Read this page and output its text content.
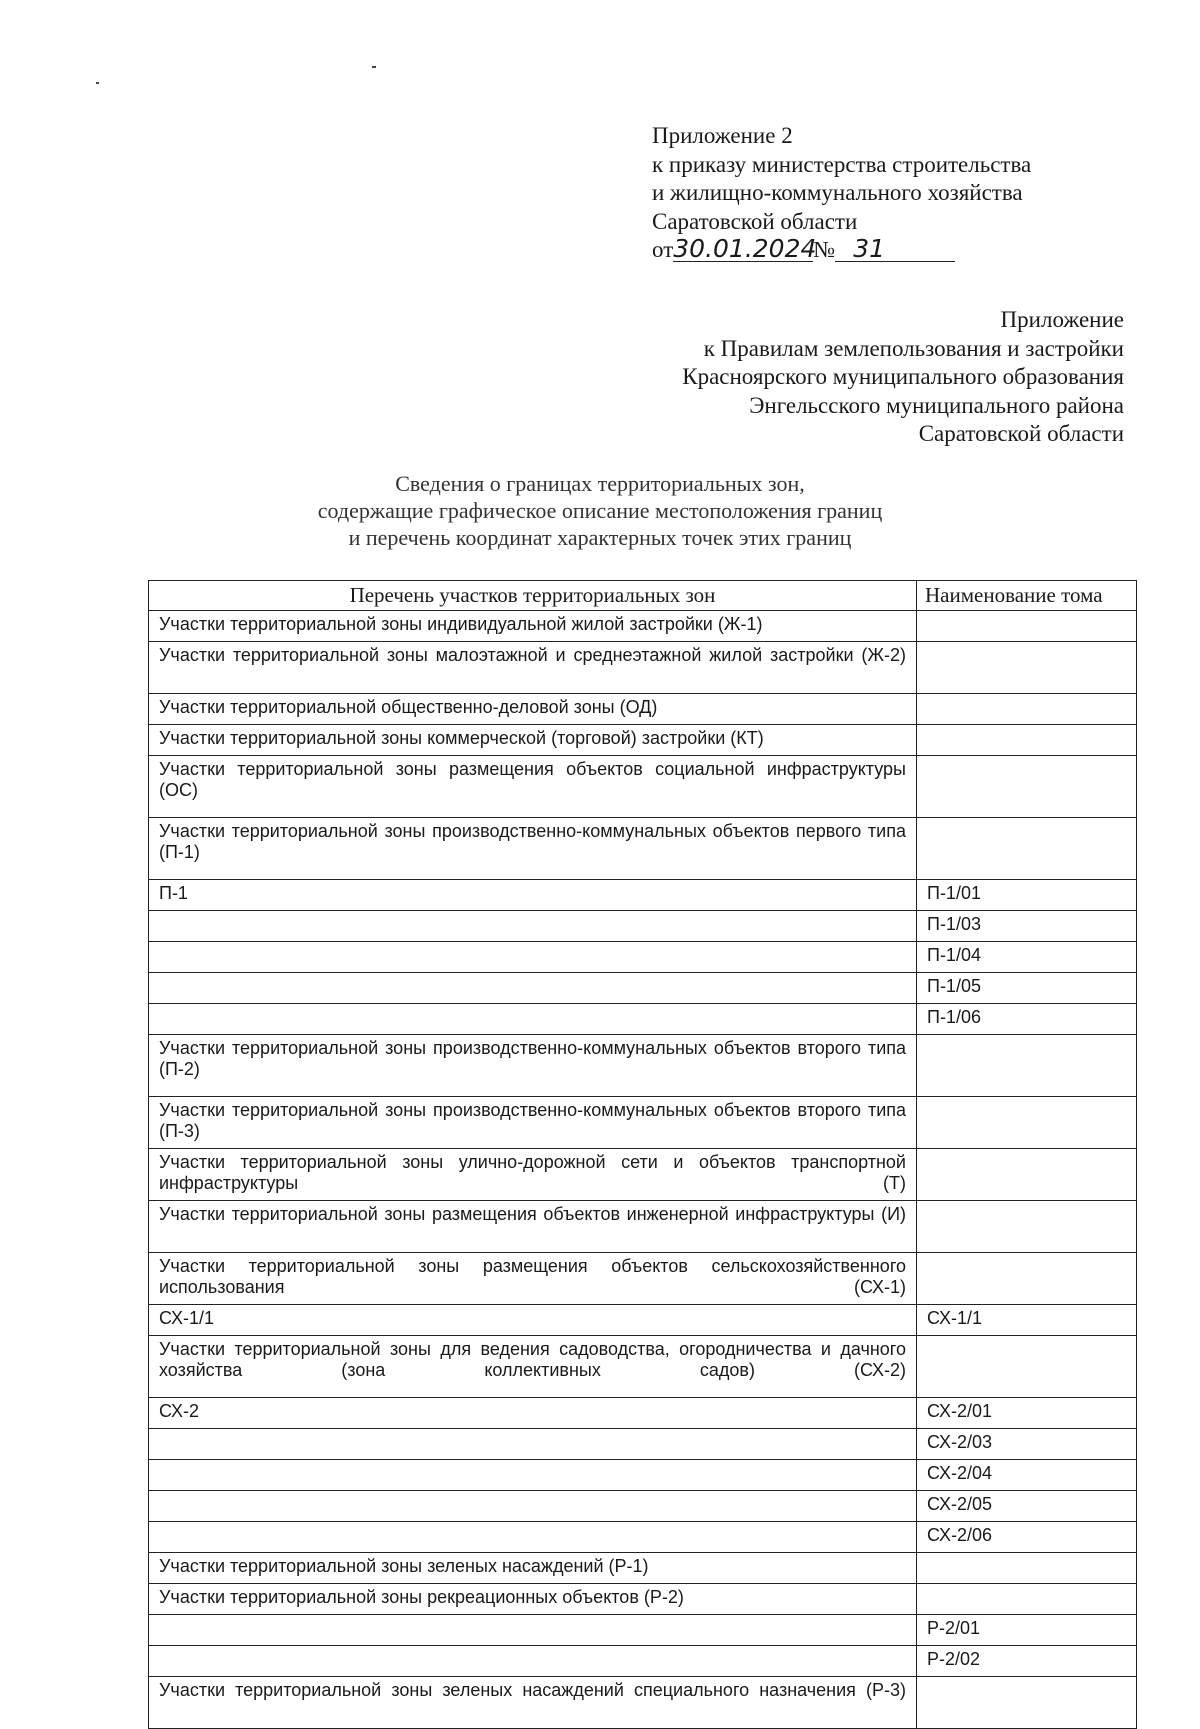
Приложение 2
к приказу министерства строительства
и жилищно-коммунального хозяйства
Саратовской области
от30.01.2024№ 31
Приложение
к Правилам землепользования и застройки
Красноярского муниципального образования
Энгельсского муниципального района
Саратовской области
Сведения о границах территориальных зон,
содержащие графическое описание местоположения границ
и перечень координат характерных точек этих границ
Перечень участков территориальных зон	Наименование тома
Участки территориальной зоны индивидуальной жилой застройки (Ж-1)	
Участки территориальной зоны малоэтажной и среднеэтажной жилой застройки (Ж-2)	
Участки территориальной общественно-деловой зоны (ОД)	
Участки территориальной зоны коммерческой (торговой) застройки (КТ)	
Участки территориальной зоны размещения объектов социальной инфраструктуры (ОС)	
Участки территориальной зоны производственно-коммунальных объектов первого типа (П-1)	
П-1	П-1/01
	П-1/03
	П-1/04
	П-1/05
	П-1/06
Участки территориальной зоны производственно-коммунальных объектов второго типа (П-2)	
Участки территориальной зоны производственно-коммунальных объектов второго типа (П-3)	
Участки территориальной зоны улично-дорожной сети и объектов транспортной инфраструктуры (Т)	
Участки территориальной зоны размещения объектов инженерной инфраструктуры (И)	
Участки территориальной зоны размещения объектов сельскохозяйственного использования (СХ-1)	
СХ-1/1	СХ-1/1
Участки территориальной зоны для ведения садоводства, огородничества и дачного хозяйства (зона коллективных садов) (СХ-2)	
СХ-2	СХ-2/01
	СХ-2/03
	СХ-2/04
	СХ-2/05
	СХ-2/06
Участки территориальной зоны зеленых насаждений (Р-1)	
Участки территориальной зоны рекреационных объектов (Р-2)	
	Р-2/01
	Р-2/02
Участки территориальной зоны зеленых насаждений специального назначения (Р-3)	
